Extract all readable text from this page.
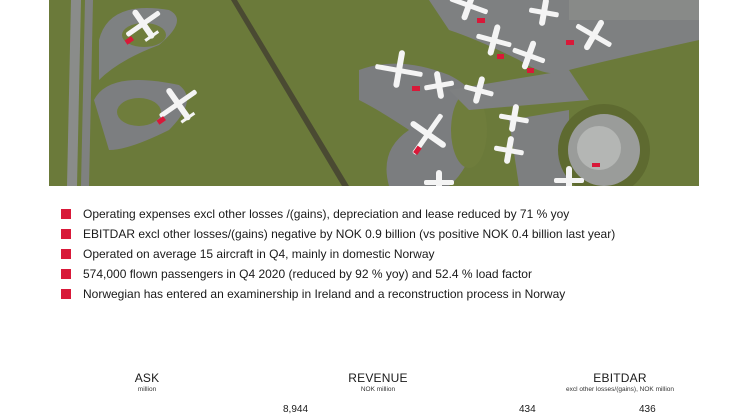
Operating expenses excl other losses /(gains), depreciation and lease reduced by 71 % yoy
EBITDAR excl other losses/(gains) negative by NOK 0.9 billion (vs positive NOK 0.4 billion last year)
Operated on average 15 aircraft in Q4, mainly in domestic Norway
574,000 flown passengers in Q4 2020 (reduced by 92 % yoy) and 52.4 % load factor
Norwegian has entered an examinership in Ireland and a reconstruction process in Norway
ASK
million
REVENUE
NOK million
EBITDAR
excl other losses/(gains), NOK million
8,944	434	436
